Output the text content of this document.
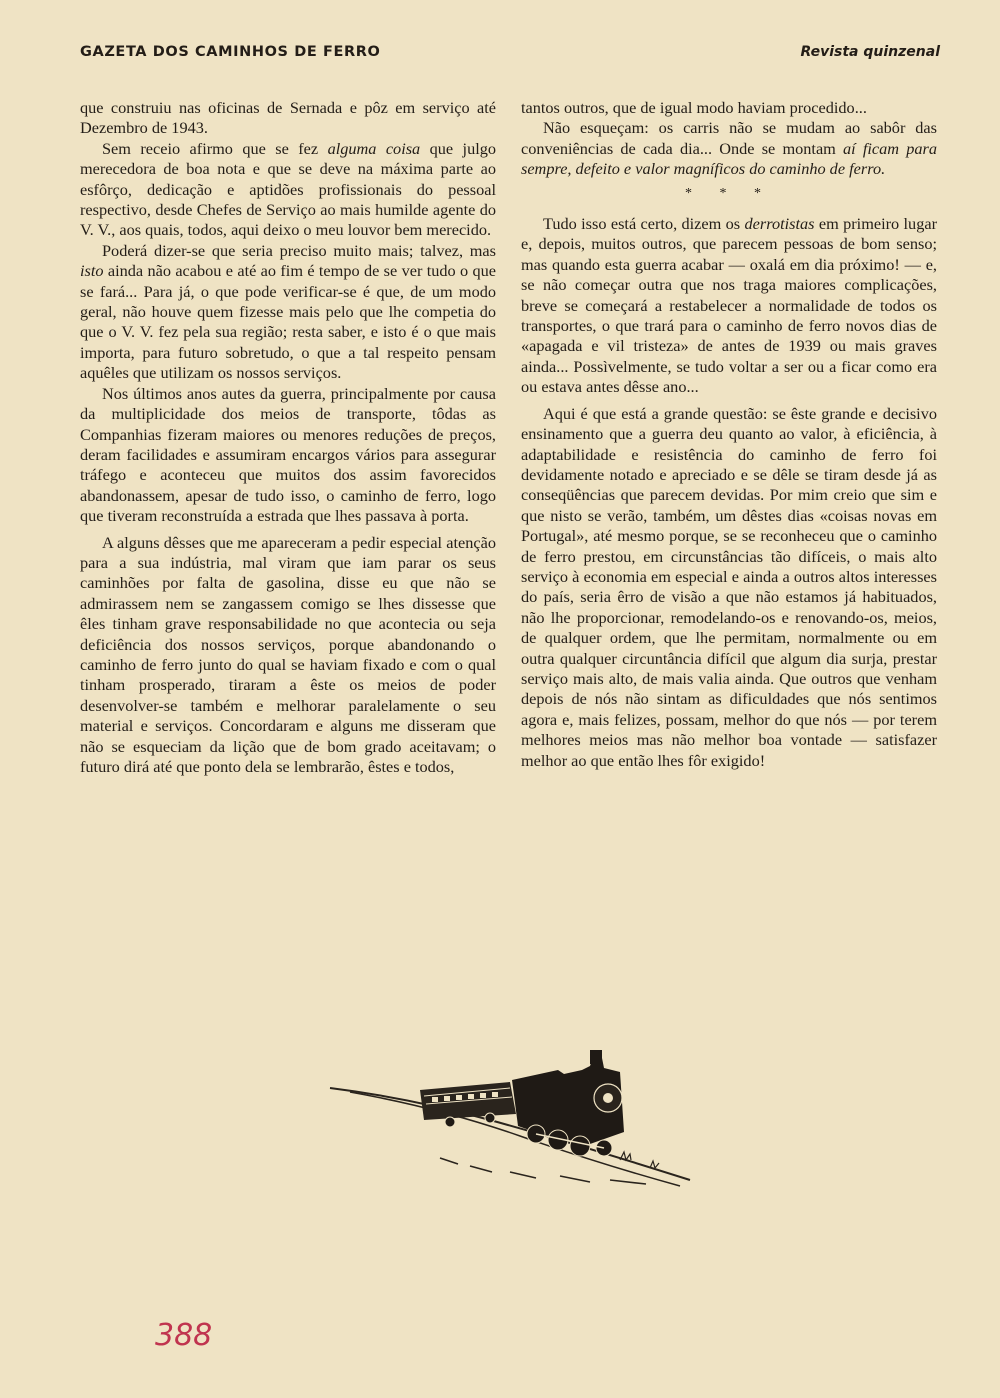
GAZETA DOS CAMINHOS DE FERRO	Revista quinzenal

que construiu nas oficinas de Sernada e pôz em serviço até Dezembro de 1943.

Sem receio afirmo que se fez alguma coisa que julgo merecedora de boa nota e que se deve na máxima parte ao esfôrço, dedicação e aptidões profissionais do pessoal respectivo, desde Chefes de Serviço ao mais humilde agente do V. V., aos quais, todos, aqui deixo o meu louvor bem merecido.

Poderá dizer-se que seria preciso muito mais; talvez, mas isto ainda não acabou e até ao fim é tempo de se ver tudo o que se fará... Para já, o que pode verificar-se é que, de um modo geral, não houve quem fizesse mais pelo que lhe competia do que o V. V. fez pela sua região; resta saber, e isto é o que mais importa, para futuro sobretudo, o que a tal respeito pensam aquêles que utilizam os nossos serviços.

Nos últimos anos autes da guerra, principalmente por causa da multiplicidade dos meios de transporte, tôdas as Companhias fizeram maiores ou menores reduções de preços, deram facilidades e assumiram encargos vários para assegurar tráfego e aconteceu que muitos dos assim favorecidos abandonassem, apesar de tudo isso, o caminho de ferro, logo que tiveram reconstruída a estrada que lhes passava à porta.

A alguns dêsses que me apareceram a pedir especial atenção para a sua indústria, mal viram que iam parar os seus caminhões por falta de gasolina, disse eu que não se admirassem nem se zangassem comigo se lhes dissesse que êles tinham grave responsabilidade no que acontecia ou seja deficiência dos nossos serviços, porque abandonando o caminho de ferro junto do qual se haviam fixado e com o qual tinham prosperado, tiraram a êste os meios de poder desenvolver-se também e melhorar paralelamente o seu material e serviços. Concordaram e alguns me disseram que não se esqueciam da lição que de bom grado aceitavam; o futuro dirá até que ponto dela se lembrarão, êstes e todos,

tantos outros, que de igual modo haviam procedido...

Não esqueçam: os carris não se mudam ao sabôr das conveniências de cada dia... Onde se montam aí ficam para sempre, defeito e valor magníficos do caminho de ferro.

* * *

Tudo isso está certo, dizem os derrotistas em primeiro lugar e, depois, muitos outros, que parecem pessoas de bom senso; mas quando esta guerra acabar — oxalá em dia próximo! — e, se não começar outra que nos traga maiores complicações, breve se começará a restabelecer a normalidade de todos os transportes, o que trará para o caminho de ferro novos dias de «apagada e vil tristeza» de antes de 1939 ou mais graves ainda... Possìvelmente, se tudo voltar a ser ou a ficar como era ou estava antes dêsse ano...

Aqui é que está a grande questão: se êste grande e decisivo ensinamento que a guerra deu quanto ao valor, à eficiência, à adaptabilidade e resistência do caminho de ferro foi devidamente notado e apreciado e se dêle se tiram desde já as conseqüências que parecem devidas. Por mim creio que sim e que nisto se verão, também, um dêstes dias «coisas novas em Portugal», até mesmo porque, se se reconheceu que o caminho de ferro prestou, em circunstâncias tão difíceis, o mais alto serviço à economia em especial e ainda a outros altos interesses do país, seria êrro de visão a que não estamos já habituados, não lhe proporcionar, remodelando-os e renovando-os, meios, de qualquer ordem, que lhe permitam, normalmente ou em outra qualquer circuntância difícil que algum dia surja, prestar serviço mais alto, de mais valia ainda. Que outros que venham depois de nós não sintam as dificuldades que nós sentimos agora e, mais felizes, possam, melhor do que nós — por terem melhores meios mas não melhor boa vontade — satisfazer melhor ao que então lhes fôr exigido!

388
